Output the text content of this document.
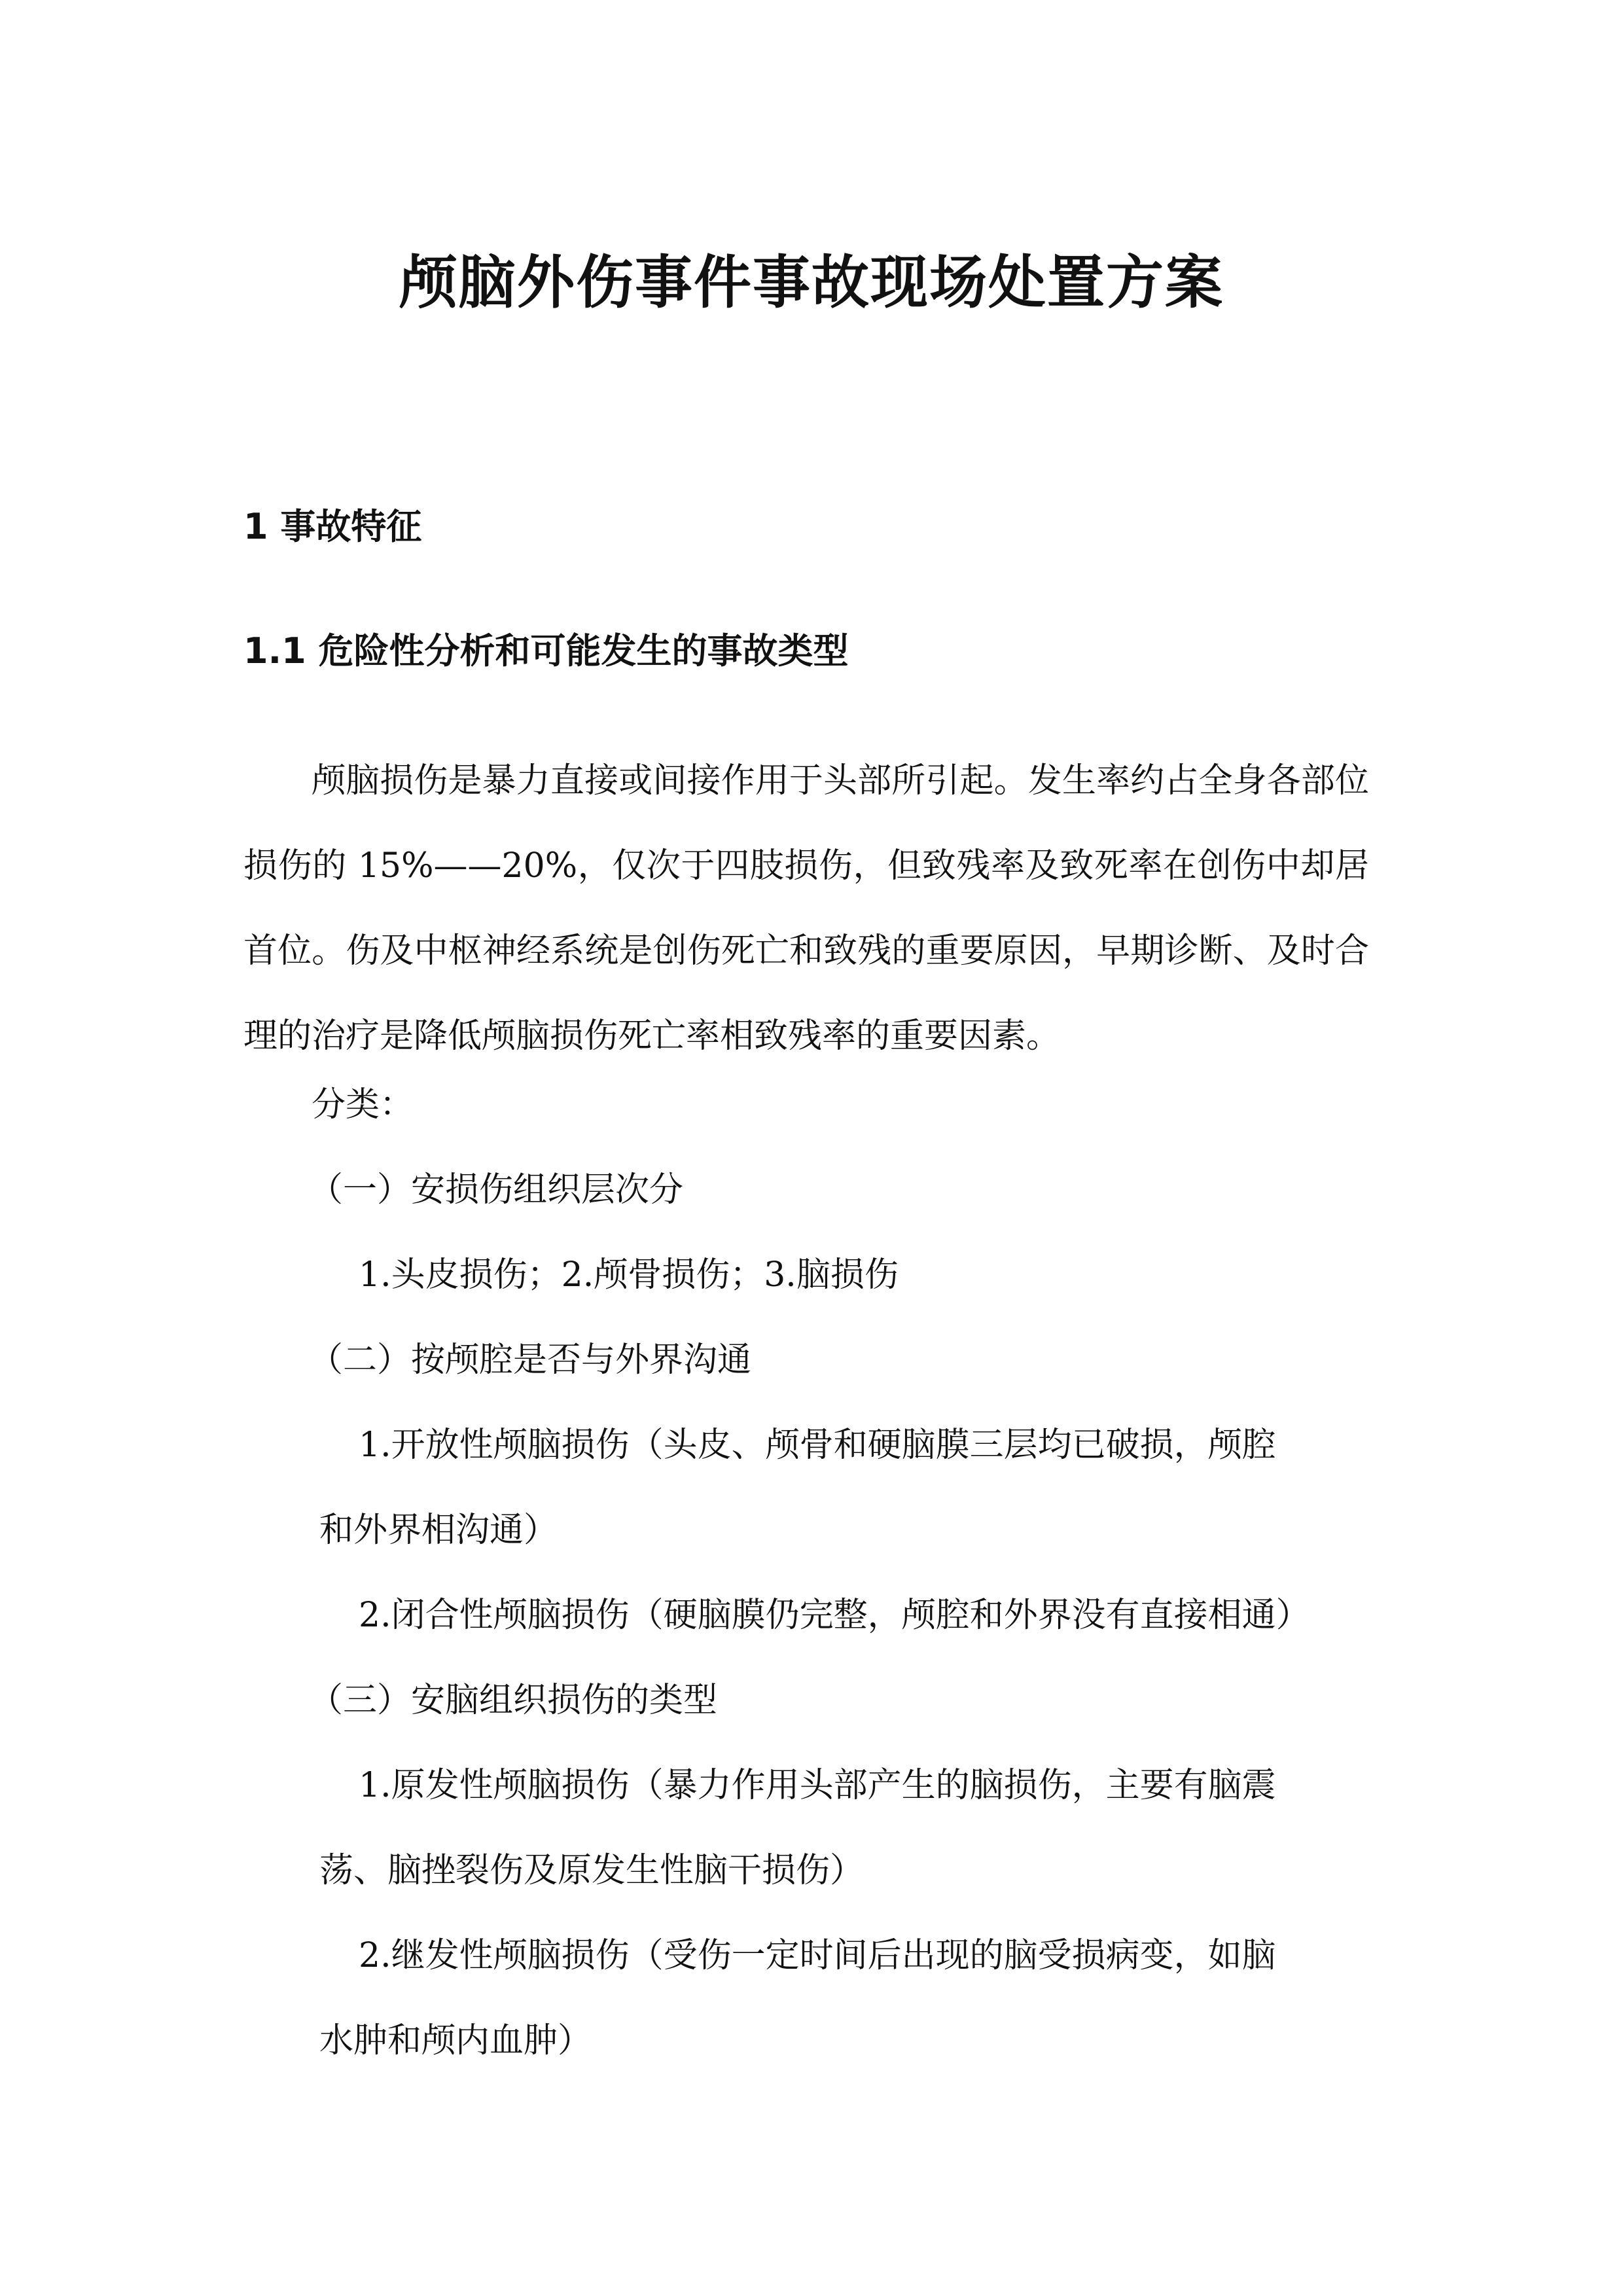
颅脑外伤事件事故现场处置方案
1 事故特征
1.1 危险性分析和可能发生的事故类型

颅脑损伤是暴力直接或间接作用于头部所引起。发生率约占全身各部位损伤的 15%——20%，仅次于四肢损伤，但致残率及致死率在创伤中却居首位。伤及中枢神经系统是创伤死亡和致残的重要原因，早期诊断、及时合理的治疗是降低颅脑损伤死亡率相致残率的重要因素。

分类：

（一）安损伤组织层次分

1.头皮损伤；2.颅骨损伤；3.脑损伤

（二）按颅腔是否与外界沟通

1.开放性颅脑损伤（头皮、颅骨和硬脑膜三层均已破损，颅腔

和外界相沟通）

2.闭合性颅脑损伤（硬脑膜仍完整，颅腔和外界没有直接相通）

（三）安脑组织损伤的类型

1.原发性颅脑损伤（暴力作用头部产生的脑损伤，主要有脑震

荡、脑挫裂伤及原发生性脑干损伤）

2.继发性颅脑损伤（受伤一定时间后出现的脑受损病变，如脑

水肿和颅内血肿）
